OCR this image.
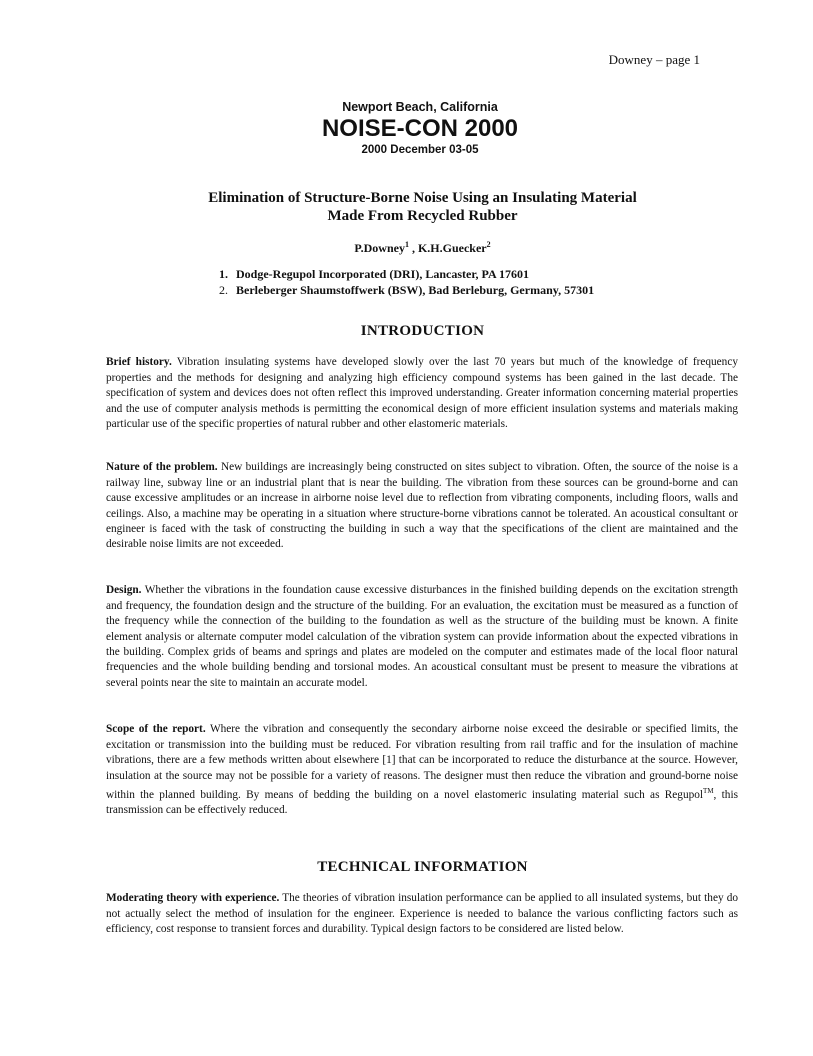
Downey – page 1
Newport Beach, California
NOISE-CON 2000
2000 December 03-05
Elimination of Structure-Borne Noise Using an Insulating Material
Made From Recycled Rubber
P.Downey$^1$ , K.H.Guecker$^2$
1. Dodge-Regupol Incorporated (DRI), Lancaster, PA 17601
2. Berleberger Shaumstoffwerk (BSW), Bad Berleburg, Germany, 57301
INTRODUCTION

Brief history. Vibration insulating systems have developed slowly over the last 70 years but much of the knowledge of frequency properties and the methods for designing and analyzing high efficiency compound systems has been gained in the last decade. The specification of system and devices does not often reflect this improved understanding. Greater information concerning material properties and the use of computer analysis methods is permitting the economical design of more efficient insulation systems and materials making particular use of the specific properties of natural rubber and other elastomeric materials.

Nature of the problem. New buildings are increasingly being constructed on sites subject to vibration. Often, the source of the noise is a railway line, subway line or an industrial plant that is near the building. The vibration from these sources can be ground-borne and can cause excessive amplitudes or an increase in airborne noise level due to reflection from vibrating components, including floors, walls and ceilings. Also, a machine may be operating in a situation where structure-borne vibrations cannot be tolerated. An acoustical consultant or engineer is faced with the task of constructing the building in such a way that the specifications of the client are maintained and the desirable noise limits are not exceeded.

Design. Whether the vibrations in the foundation cause excessive disturbances in the finished building depends on the excitation strength and frequency, the foundation design and the structure of the building. For an evaluation, the excitation must be measured as a function of the frequency while the connection of the building to the foundation as well as the structure of the building must be known. A finite element analysis or alternate computer model calculation of the vibration system can provide information about the expected vibrations in the building. Complex grids of beams and springs and plates are modeled on the computer and estimates made of the local floor natural frequencies and the whole building bending and torsional modes. An acoustical consultant must be present to measure the vibrations at several points near the site to maintain an accurate model.

Scope of the report. Where the vibration and consequently the secondary airborne noise exceed the desirable or specified limits, the excitation or transmission into the building must be reduced. For vibration resulting from rail traffic and for the insulation of machine vibrations, there are a few methods written about elsewhere [1] that can be incorporated to reduce the disturbance at the source. However, insulation at the source may not be possible for a variety of reasons. The designer must then reduce the vibration and ground-borne noise within the planned building. By means of bedding the building on a novel elastomeric insulating material such as Regupol™, this transmission can be effectively reduced.

TECHNICAL INFORMATION

Moderating theory with experience. The theories of vibration insulation performance can be applied to all insulated systems, but they do not actually select the method of insulation for the engineer. Experience is needed to balance the various conflicting factors such as efficiency, cost response to transient forces and durability. Typical design factors to be considered are listed below.
